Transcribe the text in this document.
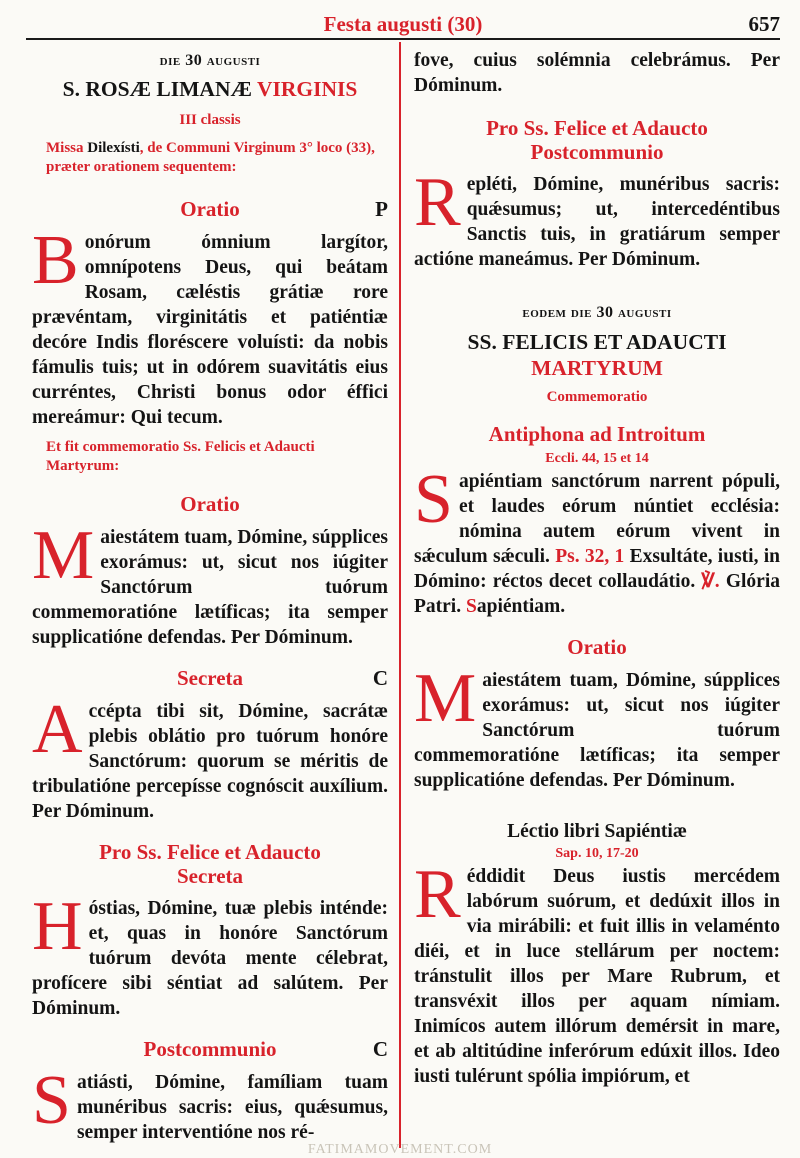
Festa augusti (30)	657
die 30 augusti
S. ROSÆ LIMANÆ VIRGINIS
III classis
Missa Dilexísti, de Communi Virginum 3° loco (33), præter orationem sequentem:
Oratio	P
Bonórum ómnium largítor, omnípotens Deus, qui beátam Rosam, cæléstis grátiæ rore prævéntam, virginitátis et patiéntiæ decóre Indis floréscere voluísti: da nobis fámulis tuis; ut in odórem suavitátis eius curréntes, Christi bonus odor éffici mereámur: Qui tecum.
Et fit commemoratio Ss. Felicis et Adaucti Martyrum:
Oratio
Maiestátem tuam, Dómine, súpplices exorámus: ut, sicut nos iúgiter Sanctórum tuórum commemoratióne lætíficas; ita semper supplicatióne defendas. Per Dóminum.
Secreta	C
Accépta tibi sit, Dómine, sacrátæ plebis oblátio pro tuórum honóre Sanctórum: quorum se méritis de tribulatióne percepísse cognóscit auxílium. Per Dóminum.
Pro Ss. Felice et Adaucto
Secreta
Hóstias, Dómine, tuæ plebis inténde: et, quas in honóre Sanctórum tuórum devóta mente célebrat, profícere sibi séntiat ad salútem. Per Dóminum.
Postcommunio	C
Satiásti, Dómine, famíliam tuam munéribus sacris: eius, quǽsumus, semper interventióne nos ré-
fove, cuius solémnia celebrámus. Per Dóminum.
Pro Ss. Felice et Adaucto
Postcommunio
Repléti, Dómine, munéribus sacris: quǽsumus; ut, intercedéntibus Sanctis tuis, in gratiárum semper actióne maneámus. Per Dóminum.
eodem die 30 augusti
SS. FELICIS ET ADAUCTI
MARTYRUM
Commemoratio
Antiphona ad Introitum
Eccli. 44, 15 et 14
Sapiéntiam sanctórum narrent pópuli, et laudes eórum núntiet ecclésia: nómina autem eórum vivent in sǽculum sǽculi. Ps. 32, 1 Exsultáte, iusti, in Dómino: réctos decet collaudátio. ℣. Glória Patri. Sapiéntiam.
Oratio
Maiestátem tuam, Dómine, súpplices exorámus: ut, sicut nos iúgiter Sanctórum tuórum commemoratióne lætíficas; ita semper supplicatióne defendas. Per Dóminum.
Léctio libri Sapiéntiæ
Sap. 10, 17-20
Réddidit Deus iustis mercédem labórum suórum, et dedúxit illos in via mirábili: et fuit illis in velaménto diéi, et in luce stellárum per noctem: tránstulit illos per Mare Rubrum, et transvéxit illos per aquam nímiam. Inimícos autem illórum demérsit in mare, et ab altitúdine inferórum edúxit illos. Ideo iusti tulérunt spólia impiórum, et
FATIMAMOVEMENT.COM
